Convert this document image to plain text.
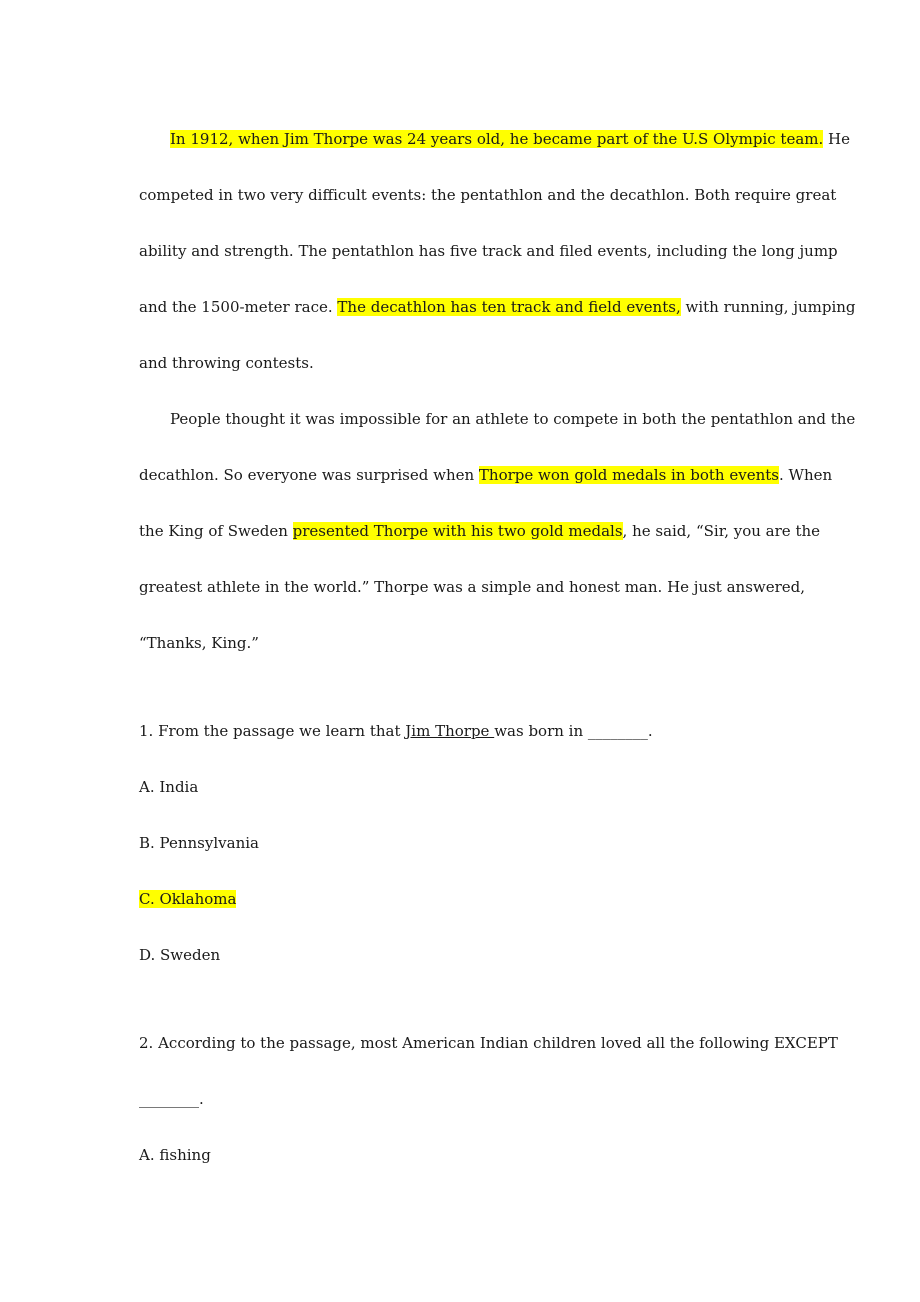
In 1912, when Jim Thorpe was 24 years old, he became part of the U.S Olympic team. He
competed in two very difficult events: the pentathlon and the decathlon. Both require great
ability and strength. The pentathlon has five track and filed events, including the long jump
and the 1500-meter race. The decathlon has ten track and field events, with running, jumping
and throwing contests.
People thought it was impossible for an athlete to compete in both the pentathlon and the
decathlon. So everyone was surprised when Thorpe won gold medals in both events. When
the King of Sweden presented Thorpe with his two gold medals, he said, “Sir, you are the
greatest athlete in the world.” Thorpe was a simple and honest man. He just answered,
“Thanks, King.”
1. From the passage we learn that Jim Thorpe was born in ________.
A. India
B. Pennsylvania
C. Oklahoma
D. Sweden
2. According to the passage, most American Indian children loved all the following EXCEPT
________.
A. fishing
